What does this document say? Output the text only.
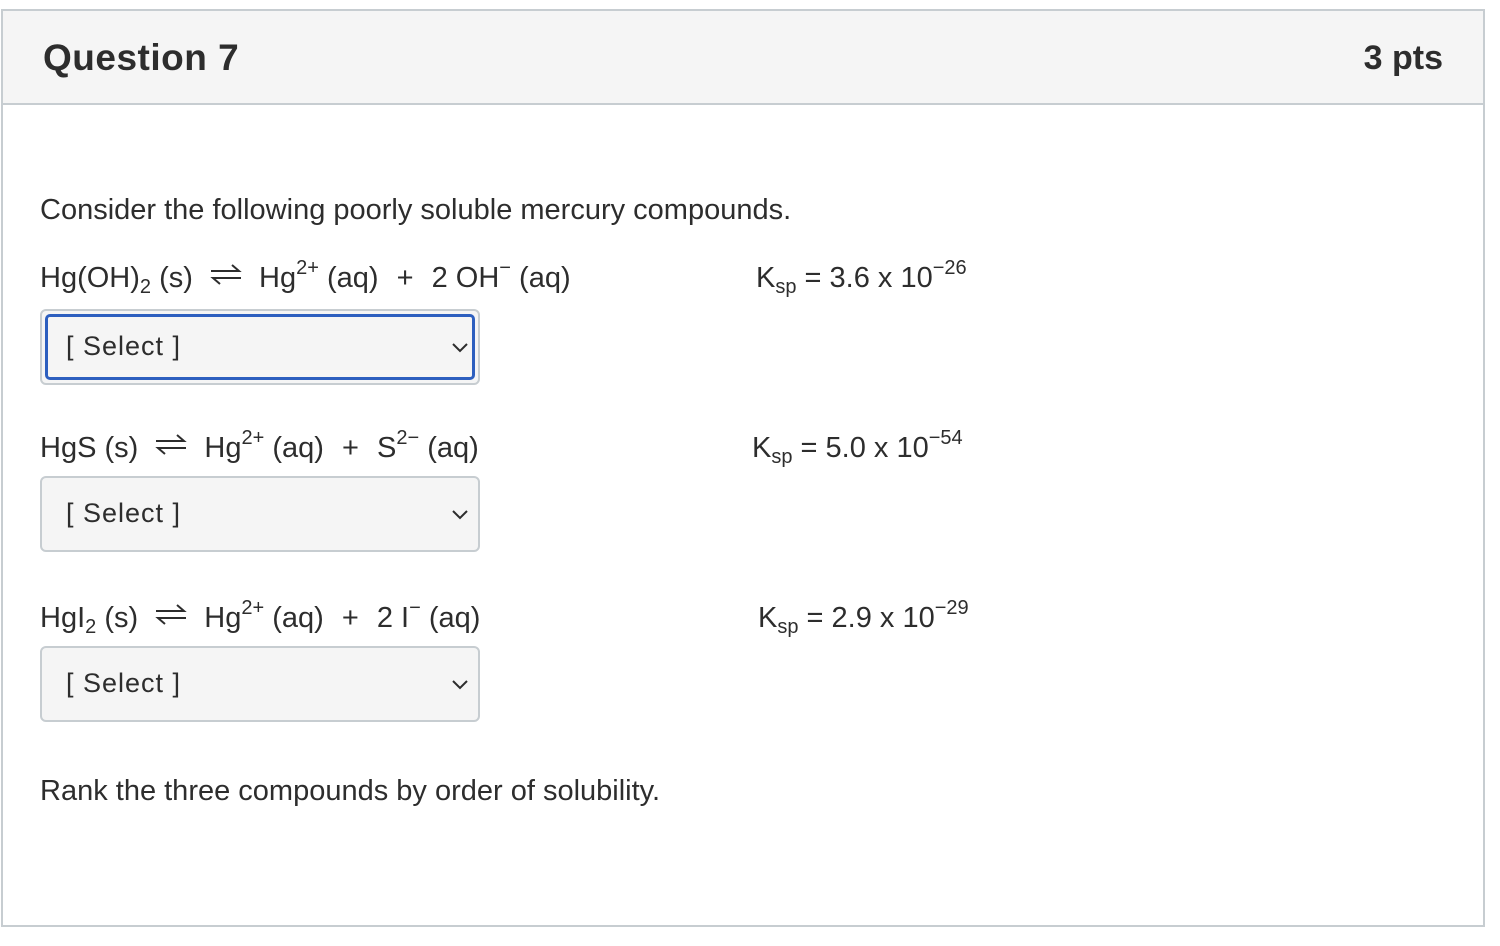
Question 7	3 pts
Consider the following poorly soluble mercury compounds.
$Hg(OH)_2$ (s) ⇌ $Hg^{2+}$ (aq) + 2 OH− (aq)	$K_{sp} = 3.6$ x $10^{-26}$
[ Select ]
HgS (s) ⇌ $Hg^{2+}$ $(aq) + S^{2-}$ (aq)	$K_{sp} = 5.0$ x $10^{-54}$
[ Select ]
HgI$_2$ (s) ⇌ $Hg^{2+}$ (aq) + 2 I− (aq)	$K_{sp} = 2.9$ x $10^{-29}$
[ Select ]
Rank the three compounds by order of solubility.
